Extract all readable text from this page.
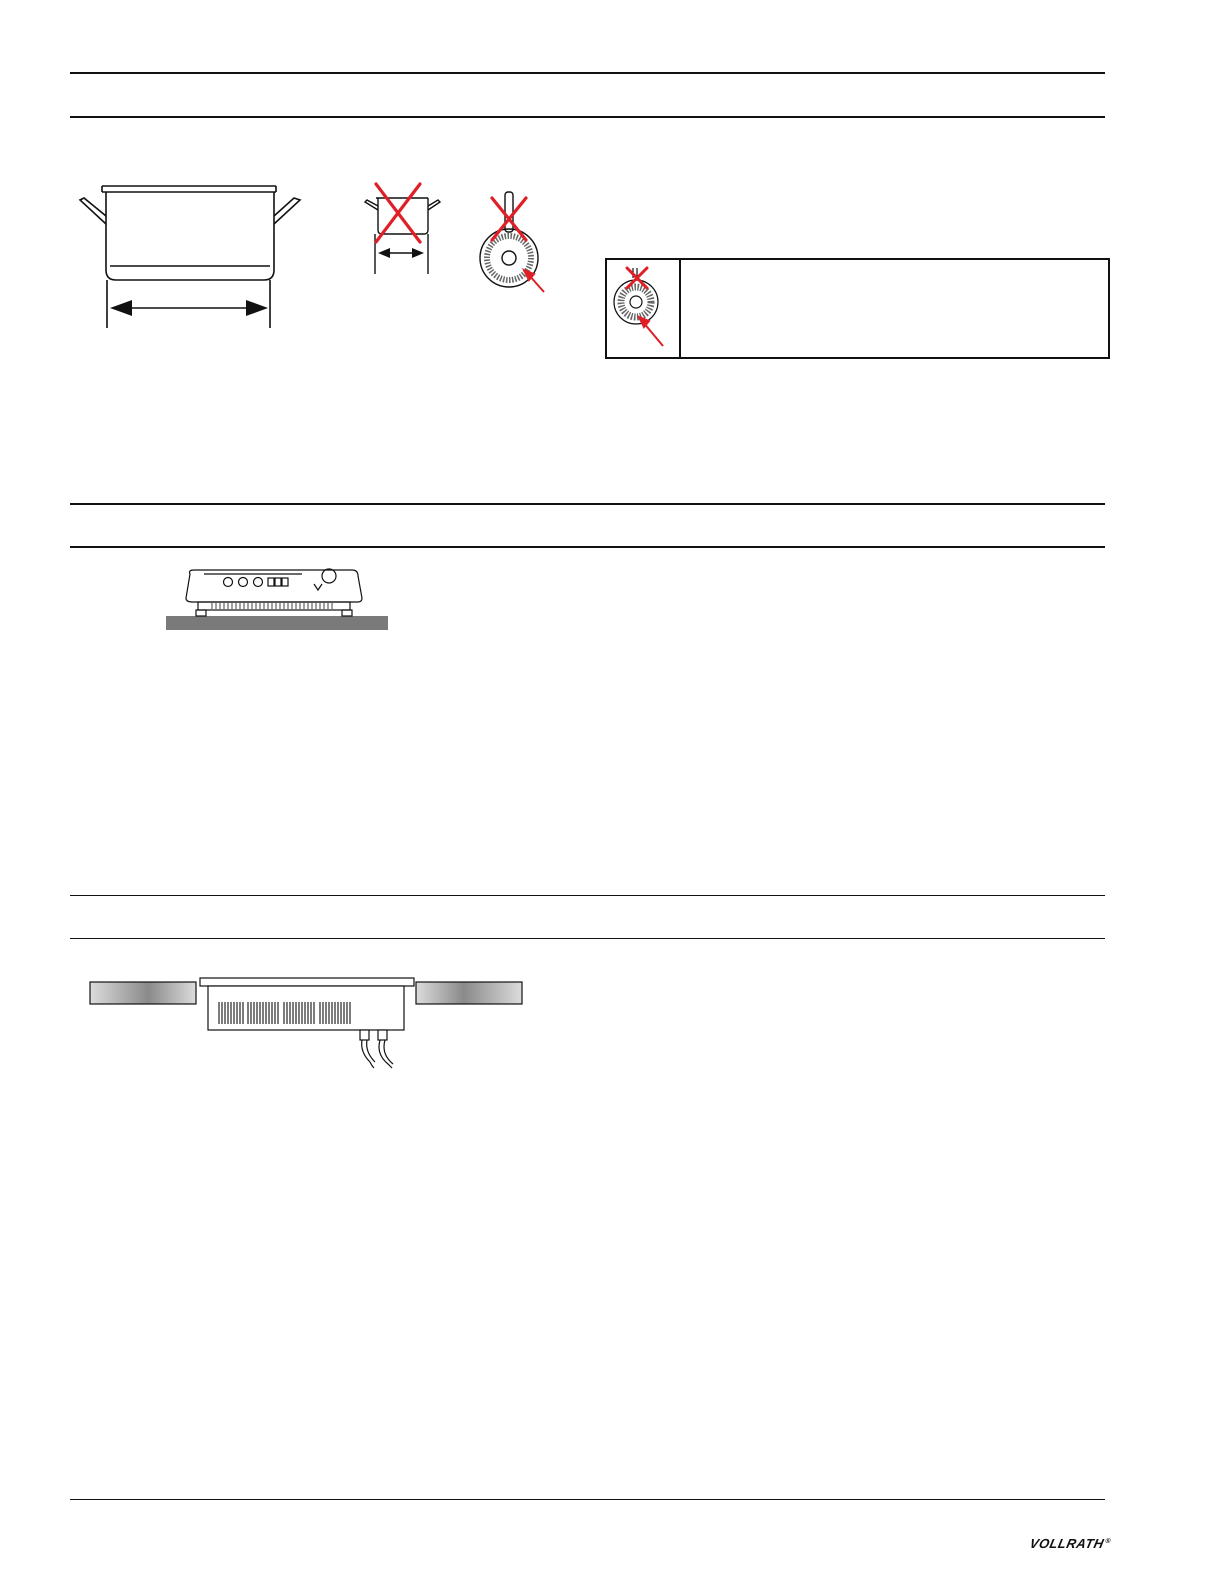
VOLLRATH®
